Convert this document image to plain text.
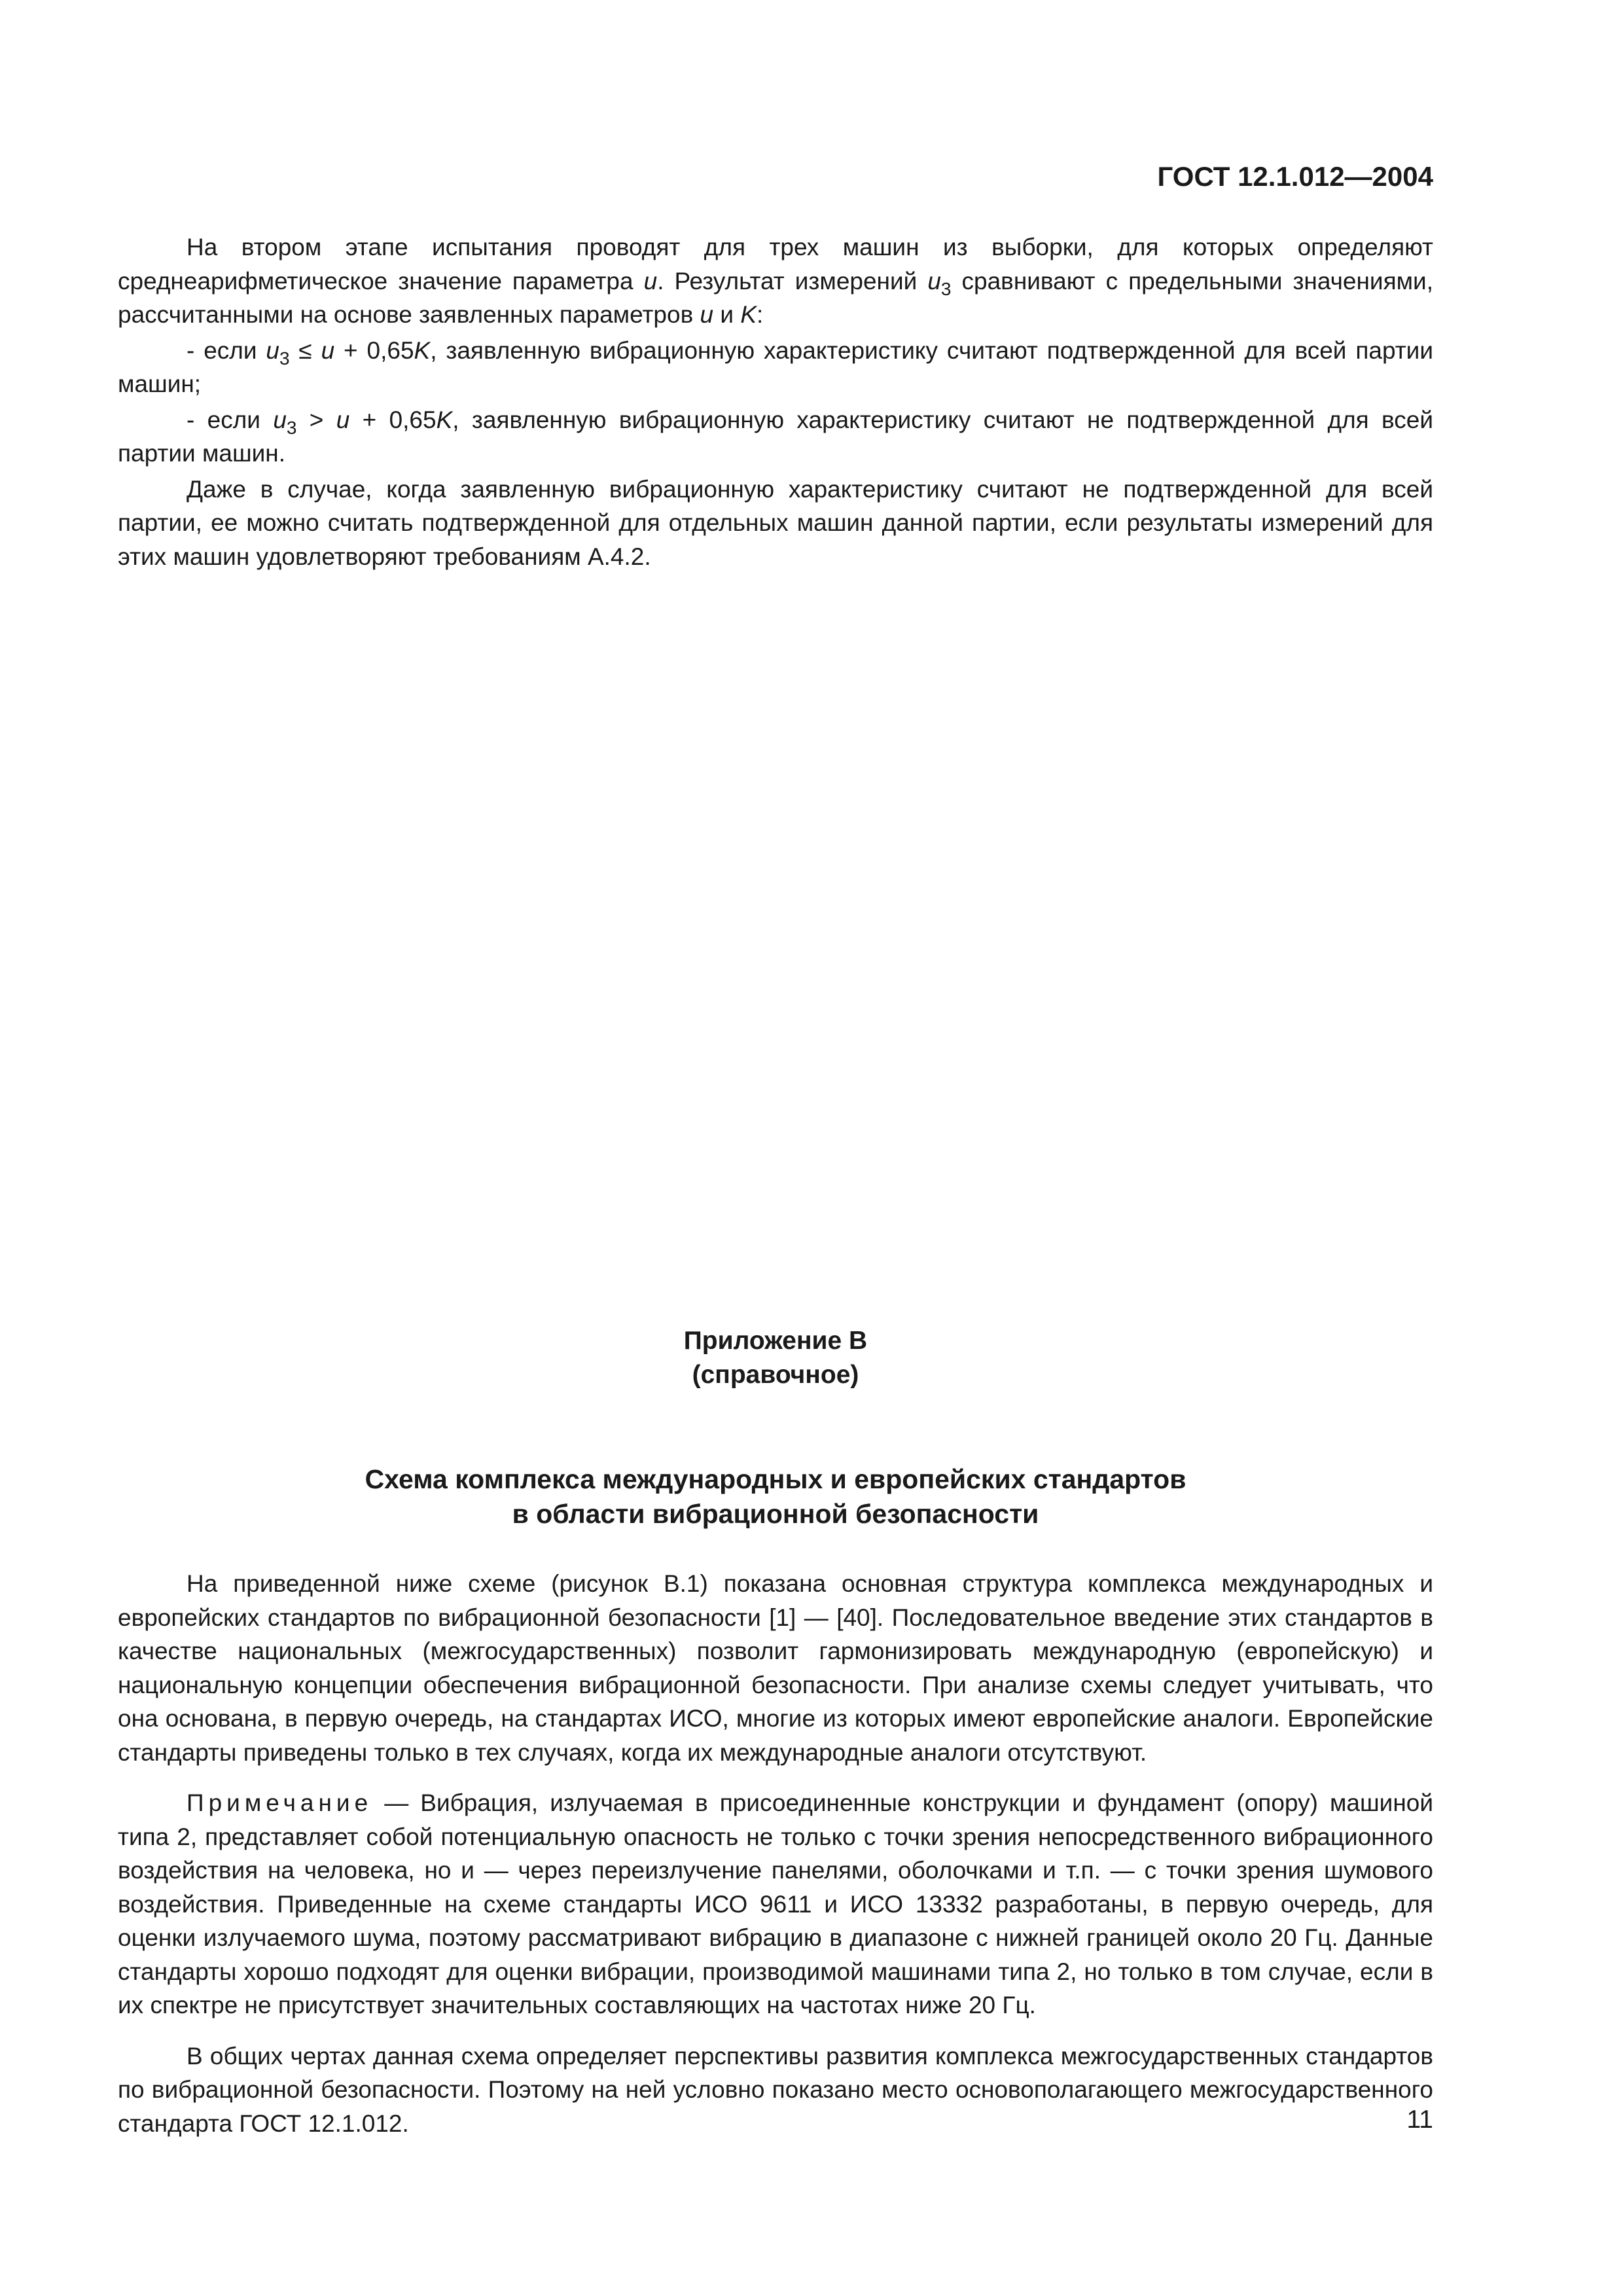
ГОСТ 12.1.012—2004

На втором этапе испытания проводят для трех машин из выборки, для которых определяют среднеарифметическое значение параметра u. Результат измерений $u_3$ сравнивают с предельными значениями, рассчитанными на основе заявленных параметров u и K:

- если $u_3 \le u + 0,65K$, заявленную вибрационную характеристику считают подтвержденной для всей партии машин;

- если $u_3 > u + 0,65K$, заявленную вибрационную характеристику считают не подтвержденной для всей партии машин.

Даже в случае, когда заявленную вибрационную характеристику считают не подтвержденной для всей партии, ее можно считать подтвержденной для отдельных машин данной партии, если результаты измерений для этих машин удовлетворяют требованиям А.4.2.

Приложение В
(справочное)
Схема комплекса международных и европейских стандартов
в области вибрационной безопасности

На приведенной ниже схеме (рисунок В.1) показана основная структура комплекса международных и европейских стандартов по вибрационной безопасности [1] — [40]. Последовательное введение этих стандартов в качестве национальных (межгосударственных) позволит гармонизировать международную (европейскую) и национальную концепции обеспечения вибрационной безопасности. При анализе схемы следует учитывать, что она основана, в первую очередь, на стандартах ИСО, многие из которых имеют европейские аналоги. Европейские стандарты приведены только в тех случаях, когда их международные аналоги отсутствуют.

Примечание — Вибрация, излучаемая в присоединенные конструкции и фундамент (опору) машиной типа 2, представляет собой потенциальную опасность не только с точки зрения непосредственного вибрационного воздействия на человека, но и — через переизлучение панелями, оболочками и т.п. — с точки зрения шумового воздействия. Приведенные на схеме стандарты ИСО 9611 и ИСО 13332 разработаны, в первую очередь, для оценки излучаемого шума, поэтому рассматривают вибрацию в диапазоне с нижней границей около 20 Гц. Данные стандарты хорошо подходят для оценки вибрации, производимой машинами типа 2, но только в том случае, если в их спектре не присутствует значительных составляющих на частотах ниже 20 Гц.

В общих чертах данная схема определяет перспективы развития комплекса межгосударственных стандартов по вибрационной безопасности. Поэтому на ней условно показано место основополагающего межгосударственного стандарта ГОСТ 12.1.012.	11
